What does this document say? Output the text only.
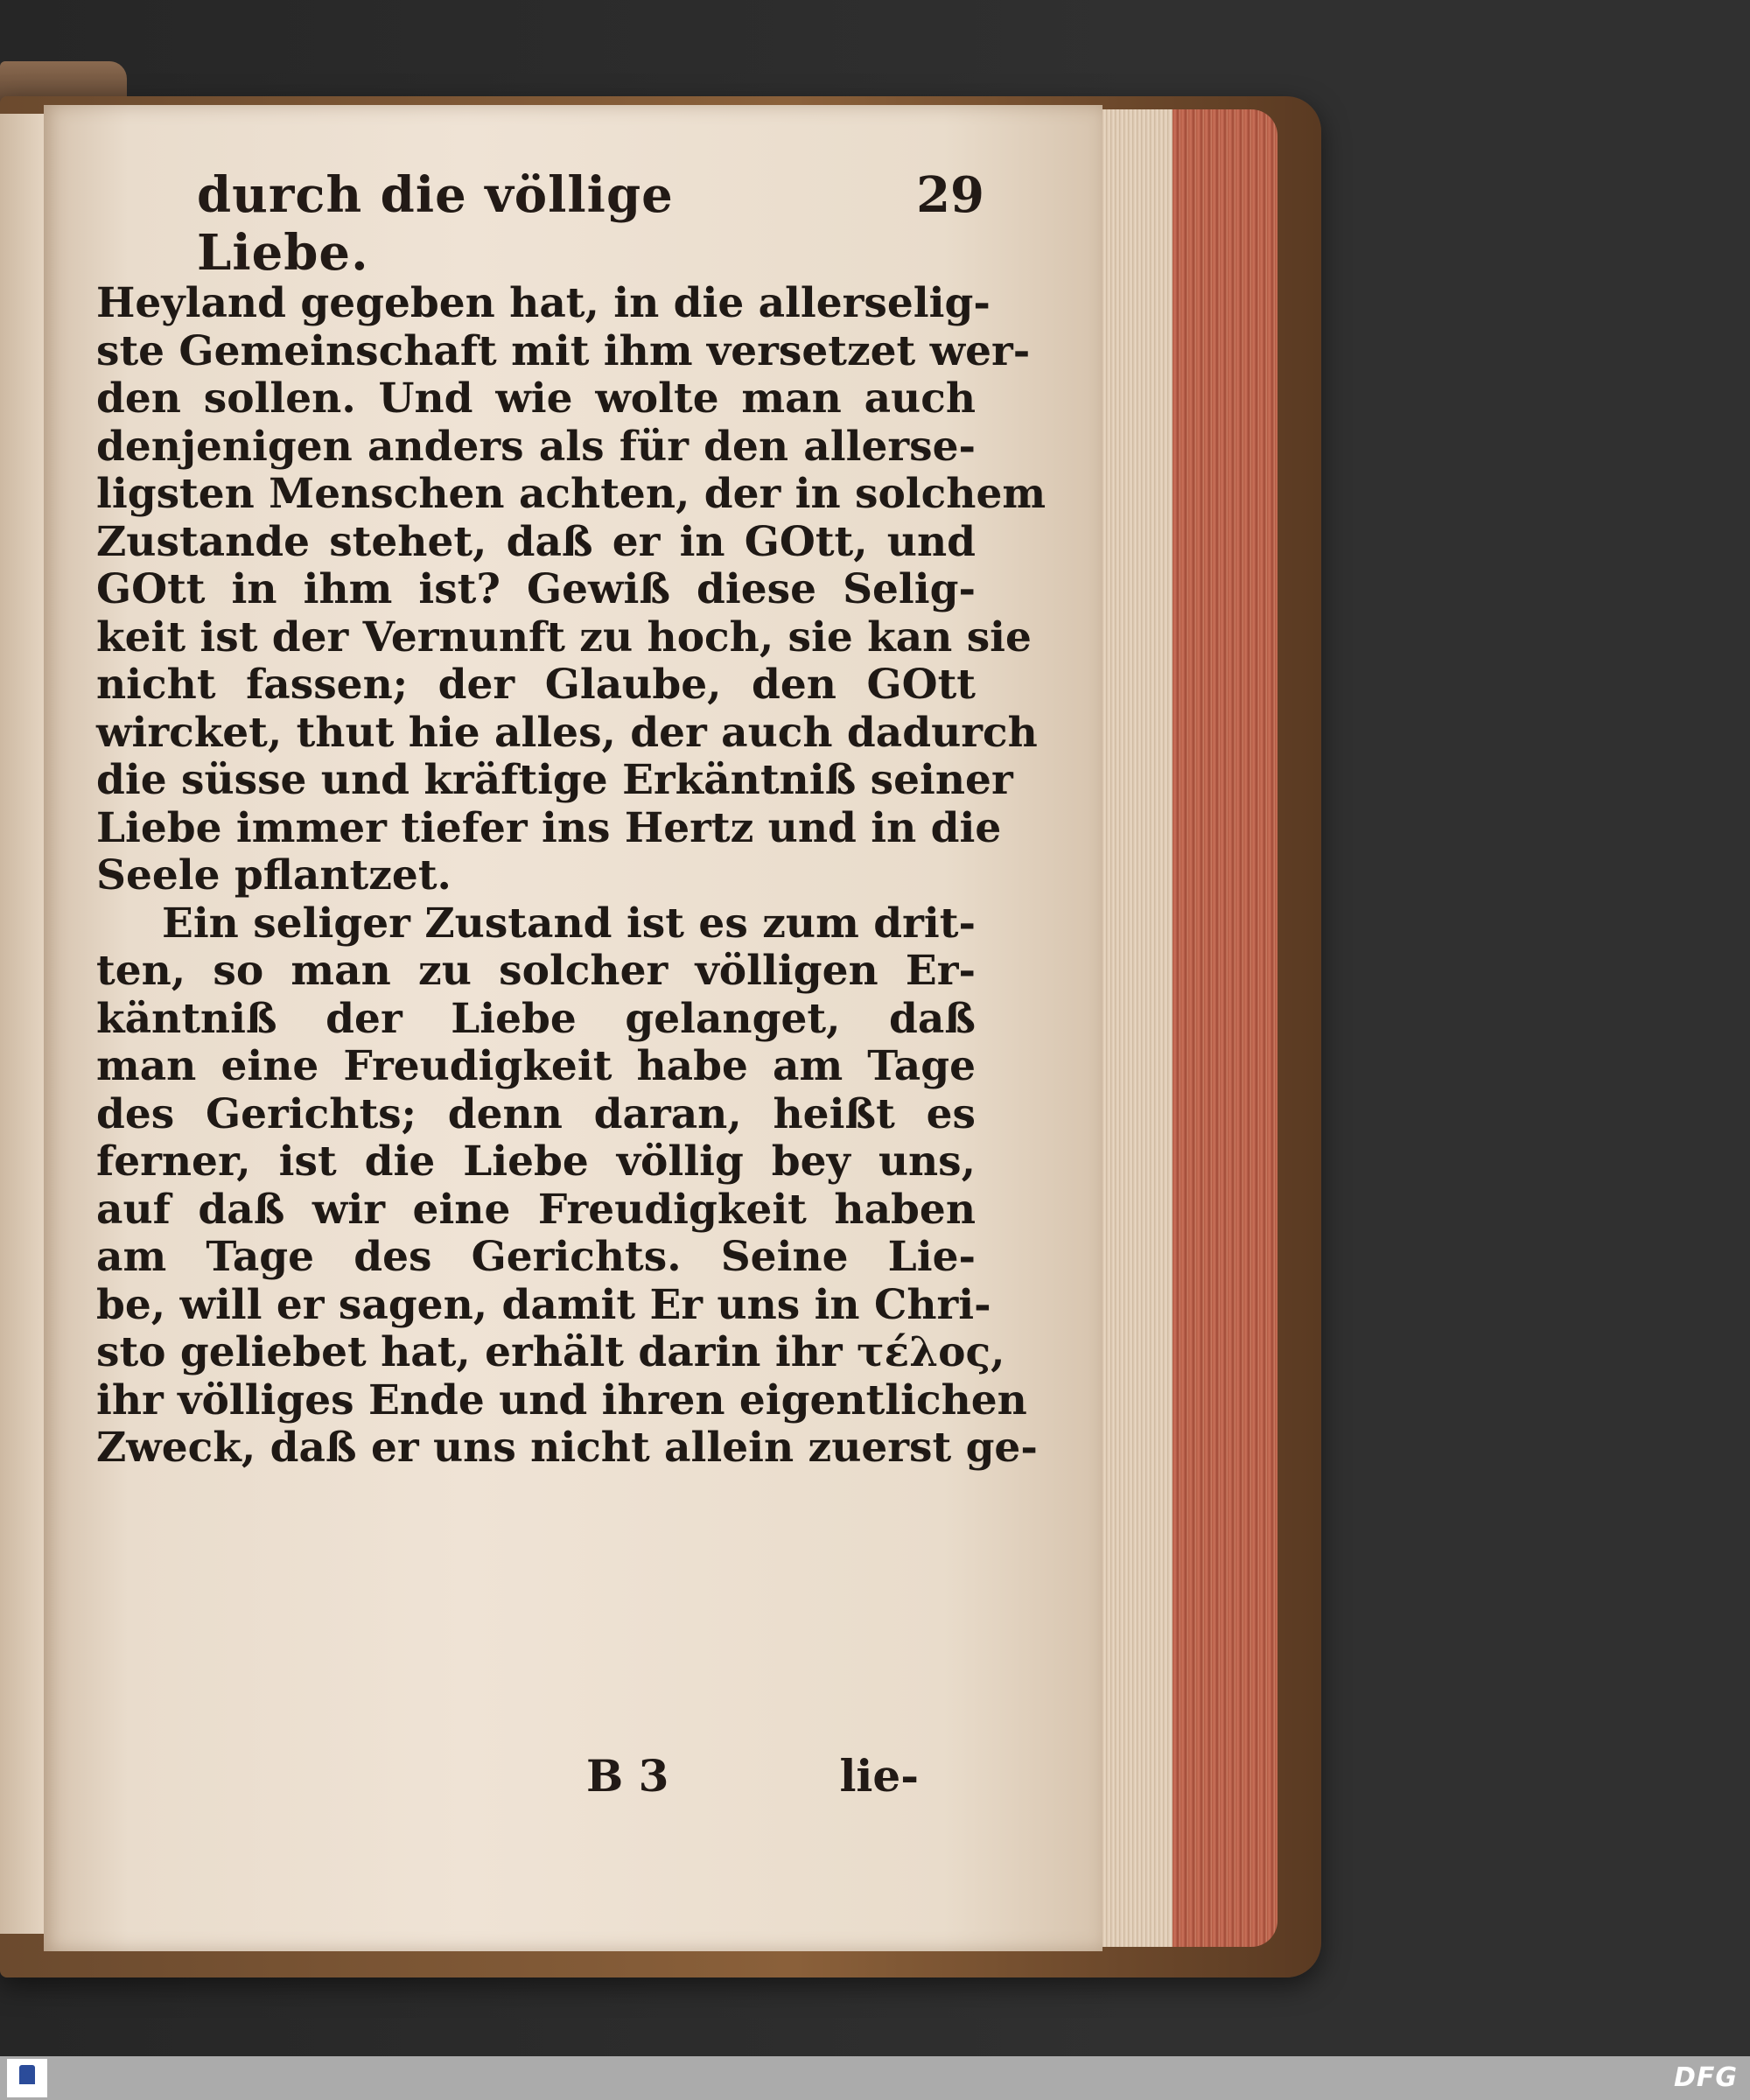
durch die völlige Liebe.
29
Heyland gegeben hat, in die allerselig-
ste Gemeinschaft mit ihm versetzet wer-
den sollen. Und wie wolte man auch
denjenigen anders als für den allerse-
ligsten Menschen achten, der in solchem
Zustande stehet, daß er in GOtt, und
GOtt in ihm ist? Gewiß diese Selig-
keit ist der Vernunft zu hoch, sie kan sie
nicht fassen; der Glaube, den GOtt
wircket, thut hie alles, der auch dadurch
die süsse und kräftige Erkäntniß seiner
Liebe immer tiefer ins Hertz und in die
Seele pflantzet.
Ein seliger Zustand ist es zum drit-
ten, so man zu solcher völligen Er-
käntniß der Liebe gelanget, daß
man eine Freudigkeit habe am Tage
des Gerichts; denn daran, heißt es
ferner, ist die Liebe völlig bey uns,
auf daß wir eine Freudigkeit haben
am Tage des Gerichts. Seine Lie-
be, will er sagen, damit Er uns in Chri-
sto geliebet hat, erhält darin ihr τέλος,
ihr völliges Ende und ihren eigentlichen
Zweck, daß er uns nicht allein zuerst ge-
B 3	lie-

DFG
